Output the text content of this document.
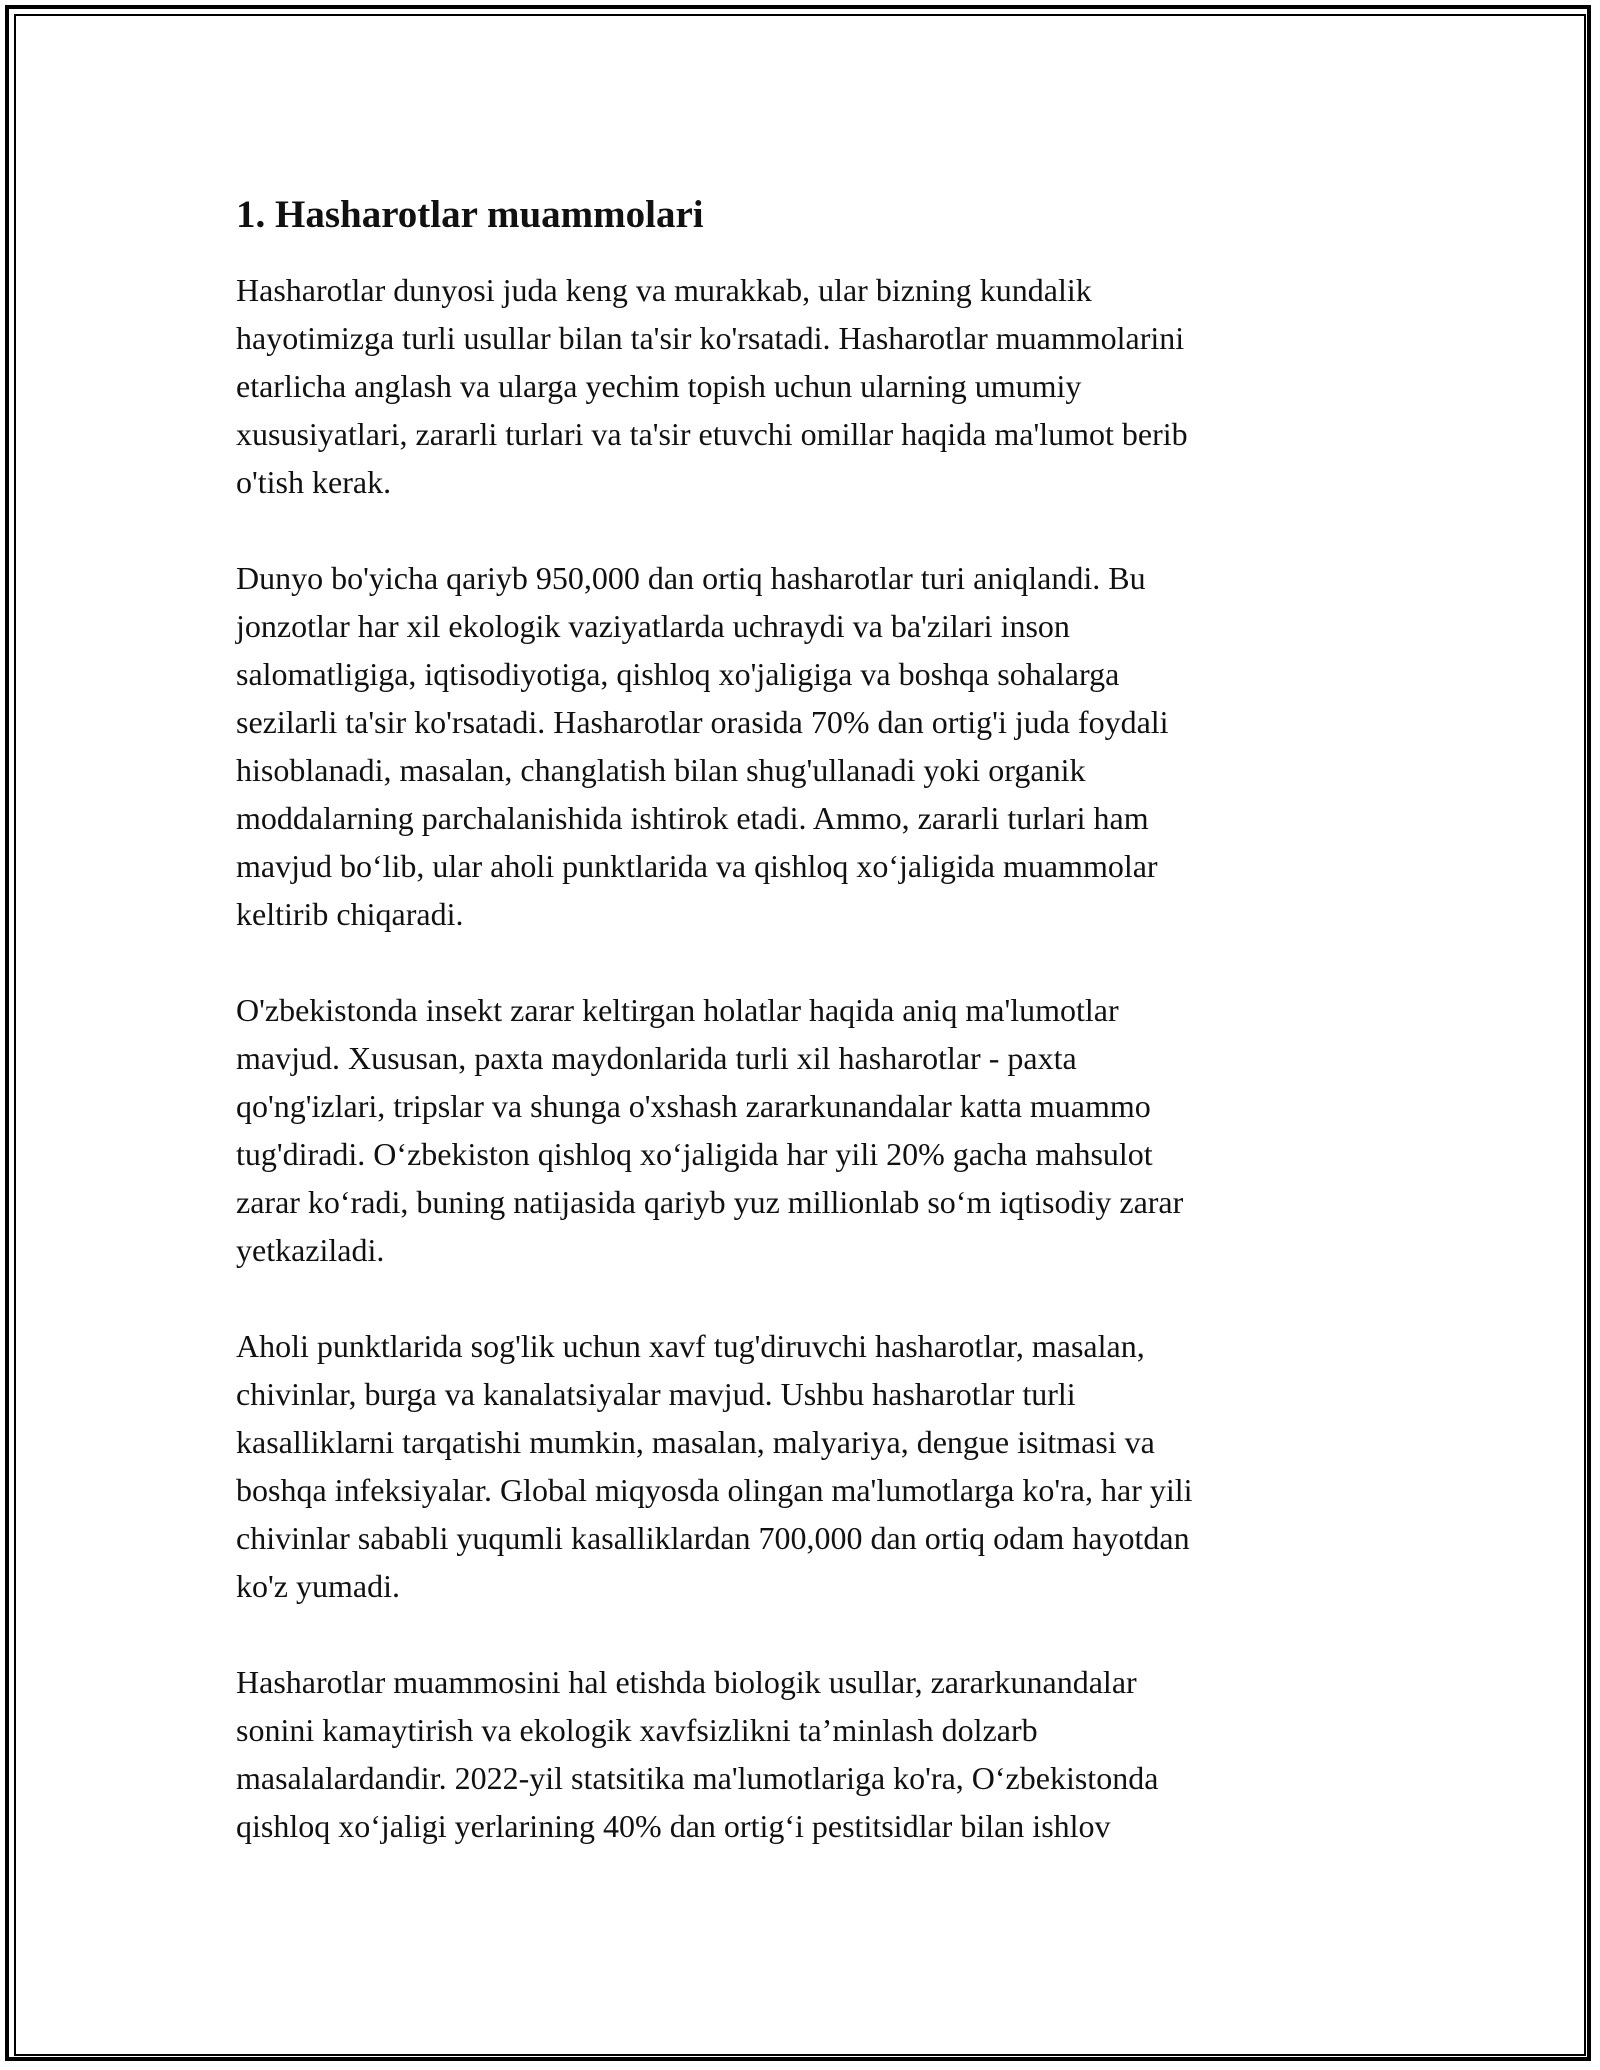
1. Hasharotlar muammolari

Hasharotlar dunyosi juda keng va murakkab, ular bizning kundalik
hayotimizga turli usullar bilan ta'sir ko'rsatadi. Hasharotlar muammolarini
etarlicha anglash va ularga yechim topish uchun ularning umumiy
xususiyatlari, zararli turlari va ta'sir etuvchi omillar haqida ma'lumot berib
o'tish kerak.

Dunyo bo'yicha qariyb 950,000 dan ortiq hasharotlar turi aniqlandi. Bu
jonzotlar har xil ekologik vaziyatlarda uchraydi va ba'zilari inson
salomatligiga, iqtisodiyotiga, qishloq xo'jaligiga va boshqa sohalarga
sezilarli ta'sir ko'rsatadi. Hasharotlar orasida 70% dan ortig'i juda foydali
hisoblanadi, masalan, changlatish bilan shug'ullanadi yoki organik
moddalarning parchalanishida ishtirok etadi. Ammo, zararli turlari ham
mavjud bo‘lib, ular aholi punktlarida va qishloq xo‘jaligida muammolar
keltirib chiqaradi.

O'zbekistonda insekt zarar keltirgan holatlar haqida aniq ma'lumotlar
mavjud. Xususan, paxta maydonlarida turli xil hasharotlar - paxta
qo'ng'izlari, tripslar va shunga o'xshash zararkunandalar katta muammo
tug'diradi. O‘zbekiston qishloq xo‘jaligida har yili 20% gacha mahsulot
zarar ko‘radi, buning natijasida qariyb yuz millionlab so‘m iqtisodiy zarar
yetkaziladi.

Aholi punktlarida sog'lik uchun xavf tug'diruvchi hasharotlar, masalan,
chivinlar, burga va kanalatsiyalar mavjud. Ushbu hasharotlar turli
kasalliklarni tarqatishi mumkin, masalan, malyariya, dengue isitmasi va
boshqa infeksiyalar. Global miqyosda olingan ma'lumotlarga ko'ra, har yili
chivinlar sababli yuqumli kasalliklardan 700,000 dan ortiq odam hayotdan
ko'z yumadi.

Hasharotlar muammosini hal etishda biologik usullar, zararkunandalar
sonini kamaytirish va ekologik xavfsizlikni ta’minlash dolzarb
masalalardandir. 2022-yil statsitika ma'lumotlariga ko'ra, O‘zbekistonda
qishloq xo‘jaligi yerlarining 40% dan ortig‘i pestitsidlar bilan ishlov
